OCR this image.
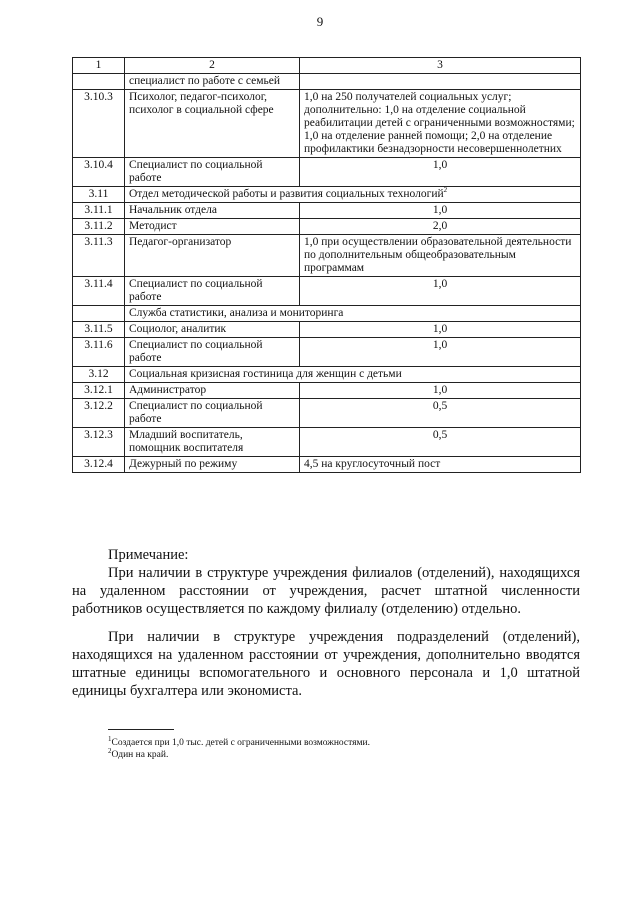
9
1	2	3
	специалист по работе с семьей	
3.10.3	Психолог, педагог-психолог, психолог в социальной сфере	1,0 на 250 получателей социальных услуг; дополнительно: 1,0 на отделение социальной реабилитации детей с ограниченными возможностями; 1,0 на отделение ранней помощи; 2,0 на отделение профилактики безнадзорности несовершеннолетних
3.10.4	Специалист по социальной работе	1,0
3.11	Отдел методической работы и развития социальных технологий$^2$
3.11.1	Начальник отдела	1,0
3.11.2	Методист	2,0
3.11.3	Педагог-организатор	1,0 при осуществлении образовательной деятельности по дополнительным общеобразовательным программам
3.11.4	Специалист по социальной работе	1,0
	Служба статистики, анализа и мониторинга	
3.11.5	Социолог, аналитик	1,0
3.11.6	Специалист по социальной работе	1,0
3.12	Социальная кризисная гостиница для женщин с детьми	
3.12.1	Администратор	1,0
3.12.2	Специалист по социальной работе	0,5
3.12.3	Младший воспитатель, помощник воспитателя	0,5
3.12.4	Дежурный по режиму	4,5 на круглосуточный пост
Примечание:
При наличии в структуре учреждения филиалов (отделений), находящихся на удаленном расстоянии от учреждения, расчет штатной численности работников осуществляется по каждому филиалу (отделению) отдельно.
При наличии в структуре учреждения подразделений (отделений), находящихся на удаленном расстоянии от учреждения, дополнительно вводятся штатные единицы вспомогательного и основного персонала и 1,0 штатной единицы бухгалтера или экономиста.
$^1$Создается при 1,0 тыс. детей с ограниченными возможностями.
$^2$Один на край.
